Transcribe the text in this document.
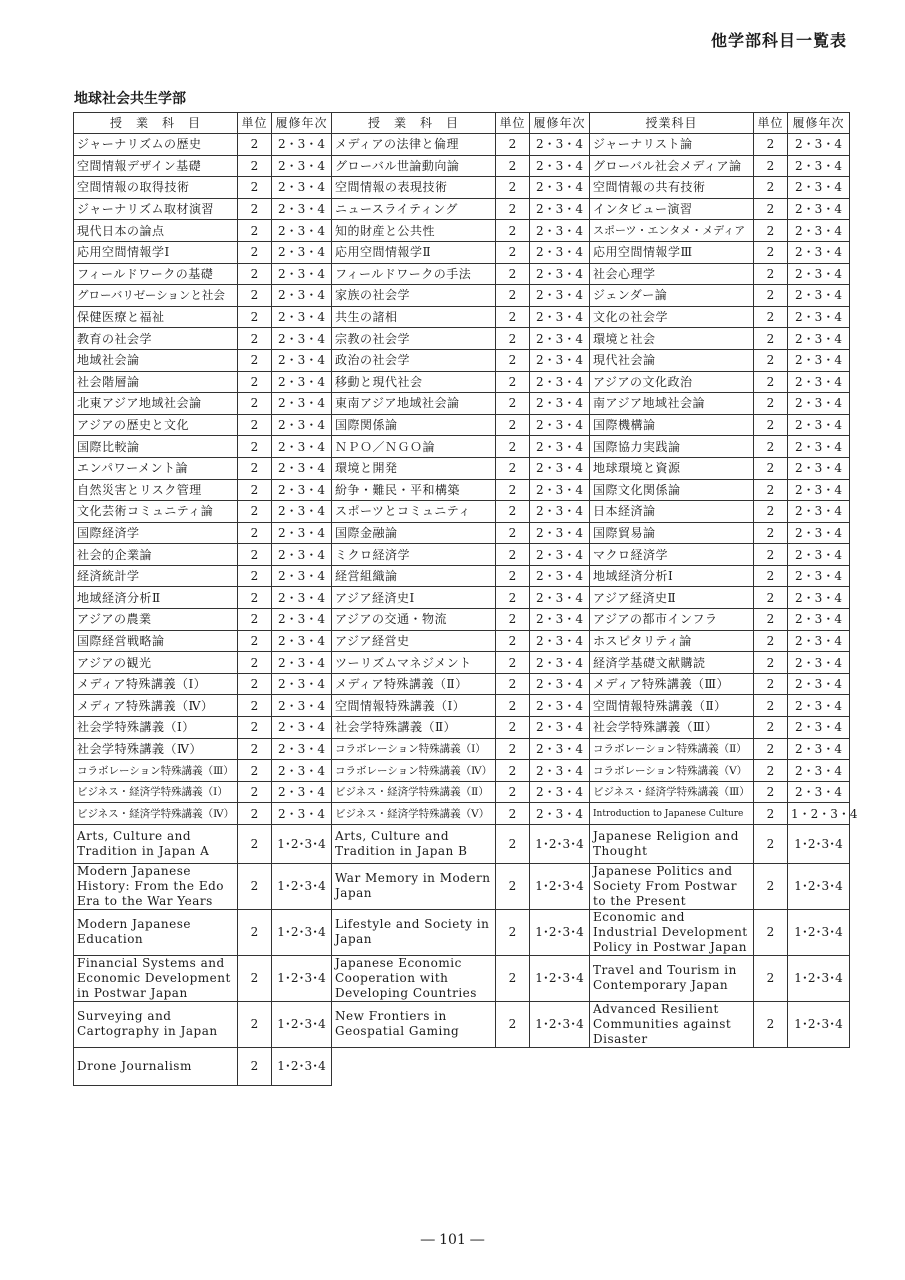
他学部科目一覧表
地球社会共生学部
授　業　科　目	単位	履修年次	授　業　科　目	単位	履修年次	授業科目	単位	履修年次
ジャーナリズムの歴史	2	2・3・4	メディアの法律と倫理	2	2・3・4	ジャーナリスト論	2	2・3・4
空間情報デザイン基礎	2	2・3・4	グローバル世論動向論	2	2・3・4	グローバル社会メディア論	2	2・3・4
空間情報の取得技術	2	2・3・4	空間情報の表現技術	2	2・3・4	空間情報の共有技術	2	2・3・4
ジャーナリズム取材演習	2	2・3・4	ニュースライティング	2	2・3・4	インタビュー演習	2	2・3・4
現代日本の論点	2	2・3・4	知的財産と公共性	2	2・3・4	スポーツ・エンタメ・メディア	2	2・3・4
応用空間情報学Ⅰ	2	2・3・4	応用空間情報学Ⅱ	2	2・3・4	応用空間情報学Ⅲ	2	2・3・4
フィールドワークの基礎	2	2・3・4	フィールドワークの手法	2	2・3・4	社会心理学	2	2・3・4
グローバリゼーションと社会	2	2・3・4	家族の社会学	2	2・3・4	ジェンダー論	2	2・3・4
保健医療と福祉	2	2・3・4	共生の諸相	2	2・3・4	文化の社会学	2	2・3・4
教育の社会学	2	2・3・4	宗教の社会学	2	2・3・4	環境と社会	2	2・3・4
地域社会論	2	2・3・4	政治の社会学	2	2・3・4	現代社会論	2	2・3・4
社会階層論	2	2・3・4	移動と現代社会	2	2・3・4	アジアの文化政治	2	2・3・4
北東アジア地域社会論	2	2・3・4	東南アジア地域社会論	2	2・3・4	南アジア地域社会論	2	2・3・4
アジアの歴史と文化	2	2・3・4	国際関係論	2	2・3・4	国際機構論	2	2・3・4
国際比較論	2	2・3・4	ＮＰＯ／ＮＧＯ論	2	2・3・4	国際協力実践論	2	2・3・4
エンパワーメント論	2	2・3・4	環境と開発	2	2・3・4	地球環境と資源	2	2・3・4
自然災害とリスク管理	2	2・3・4	紛争・難民・平和構築	2	2・3・4	国際文化関係論	2	2・3・4
文化芸術コミュニティ論	2	2・3・4	スポーツとコミュニティ	2	2・3・4	日本経済論	2	2・3・4
国際経済学	2	2・3・4	国際金融論	2	2・3・4	国際貿易論	2	2・3・4
社会的企業論	2	2・3・4	ミクロ経済学	2	2・3・4	マクロ経済学	2	2・3・4
経済統計学	2	2・3・4	経営組織論	2	2・3・4	地域経済分析Ⅰ	2	2・3・4
地域経済分析Ⅱ	2	2・3・4	アジア経済史Ⅰ	2	2・3・4	アジア経済史Ⅱ	2	2・3・4
アジアの農業	2	2・3・4	アジアの交通・物流	2	2・3・4	アジアの都市インフラ	2	2・3・4
国際経営戦略論	2	2・3・4	アジア経営史	2	2・3・4	ホスピタリティ論	2	2・3・4
アジアの観光	2	2・3・4	ツーリズムマネジメント	2	2・3・4	経済学基礎文献購読	2	2・3・4
メディア特殊講義（Ⅰ）	2	2・3・4	メディア特殊講義（Ⅱ）	2	2・3・4	メディア特殊講義（Ⅲ）	2	2・3・4
メディア特殊講義（Ⅳ）	2	2・3・4	空間情報特殊講義（Ⅰ）	2	2・3・4	空間情報特殊講義（Ⅱ）	2	2・3・4
社会学特殊講義（Ⅰ）	2	2・3・4	社会学特殊講義（Ⅱ）	2	2・3・4	社会学特殊講義（Ⅲ）	2	2・3・4
社会学特殊講義（Ⅳ）	2	2・3・4	コラボレーション特殊講義（Ⅰ）	2	2・3・4	コラボレーション特殊講義（Ⅱ）	2	2・3・4
コラボレーション特殊講義（Ⅲ）	2	2・3・4	コラボレーション特殊講義（Ⅳ）	2	2・3・4	コラボレーション特殊講義（Ⅴ）	2	2・3・4
ビジネス・経済学特殊講義（Ⅰ）	2	2・3・4	ビジネス・経済学特殊講義（Ⅱ）	2	2・3・4	ビジネス・経済学特殊講義（Ⅲ）	2	2・3・4
ビジネス・経済学特殊講義（Ⅳ）	2	2・3・4	ビジネス・経済学特殊講義（Ⅴ）	2	2・3・4	Introduction to Japanese Culture	2	1・2・3・4
Arts, Culture and Tradition in Japan A	2	1･2･3･4	Arts, Culture and Tradition in Japan B	2	1･2･3･4	Japanese Religion and Thought	2	1･2･3･4
Modern Japanese History: From the Edo Era to the War Years	2	1･2･3･4	War Memory in Modern Japan	2	1･2･3･4	Japanese Politics and Society From Postwar to the Present	2	1･2･3･4
Modern Japanese Education	2	1･2･3･4	Lifestyle and Society in Japan	2	1･2･3･4	Economic and Industrial Development Policy in Postwar Japan	2	1･2･3･4
Financial Systems and Economic Development in Postwar Japan	2	1･2･3･4	Japanese Economic Cooperation with Developing Countries	2	1･2･3･4	Travel and Tourism in Contemporary Japan	2	1･2･3･4
Surveying and Cartography in Japan	2	1･2･3･4	New Frontiers in Geospatial Gaming	2	1･2･3･4	Advanced Resilient Communities against Disaster	2	1･2･3･4
Drone Journalism	2	1･2･3･4						
― 101 ―
